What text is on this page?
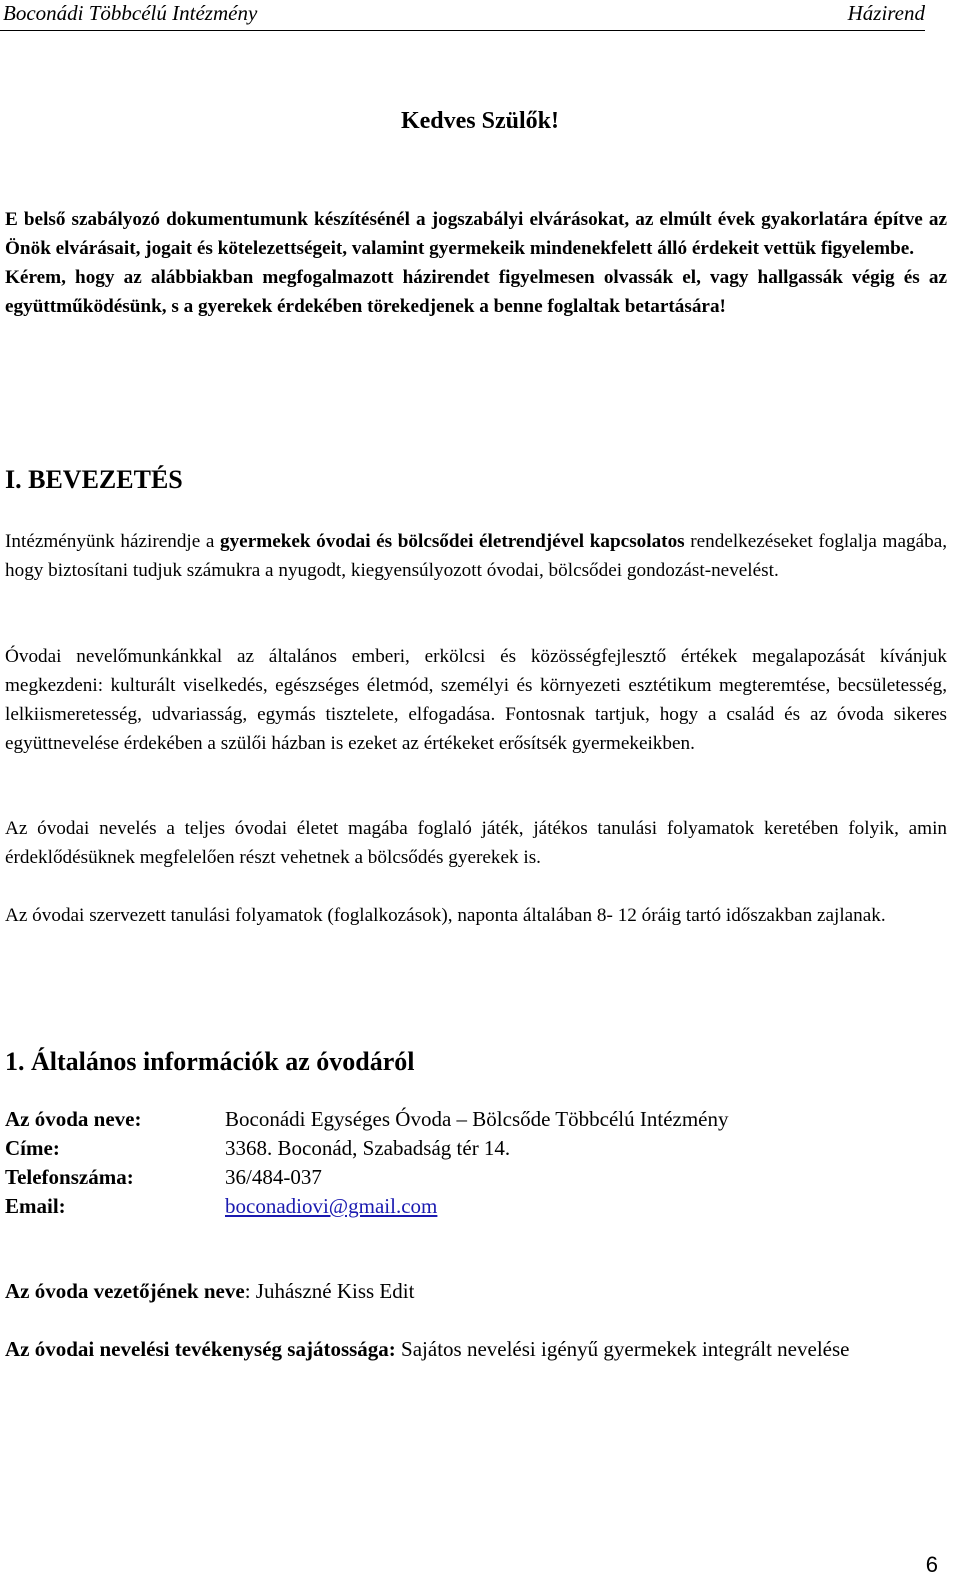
Boconádi Többcélú Intézmény	Házirend
Kedves Szülők!

E belső szabályozó dokumentumunk készítésénél a jogszabályi elvárásokat, az elmúlt évek gyakorlatára építve az Önök elvárásait, jogait és kötelezettségeit, valamint gyermekeik mindenekfelett álló érdekeit vettük figyelembe.

Kérem, hogy az alábbiakban megfogalmazott házirendet figyelmesen olvassák el, vagy hallgassák végig és az együttműködésünk, s a gyerekek érdekében törekedjenek a benne foglaltak betartására!

I. BEVEZETÉS

Intézményünk házirendje a gyermekek óvodai és bölcsődei életrendjével kapcsolatos rendelkezéseket foglalja magába, hogy biztosítani tudjuk számukra a nyugodt, kiegyensúlyozott óvodai, bölcsődei gondozást-nevelést.

Óvodai nevelőmunkánkkal az általános emberi, erkölcsi és közösségfejlesztő értékek megalapozását kívánjuk megkezdeni: kulturált viselkedés, egészséges életmód, személyi és környezeti esztétikum megteremtése, becsületesség, lelkiismeretesség, udvariasság, egymás tisztelete, elfogadása. Fontosnak tartjuk, hogy a család és az óvoda sikeres együttnevelése érdekében a szülői házban is ezeket az értékeket erősítsék gyermekeikben.

Az óvodai nevelés a teljes óvodai életet magába foglaló játék, játékos tanulási folyamatok keretében folyik, amin érdeklődésüknek megfelelően részt vehetnek a bölcsődés gyerekek is.

Az óvodai szervezett tanulási folyamatok (foglalkozások), naponta általában 8- 12 óráig tartó időszakban zajlanak.

1. Általános információk az óvodáról
Az óvoda neve:	Boconádi Egységes Óvoda – Bölcsőde Többcélú Intézmény
Címe:	3368. Boconád, Szabadság tér 14.
Telefonszáma:	36/484-037
Email:	boconadiovi@gmail.com

Az óvoda vezetőjének neve: Juhászné Kiss Edit

Az óvodai nevelési tevékenység sajátossága: Sajátos nevelési igényű gyermekek integrált nevelése

6
